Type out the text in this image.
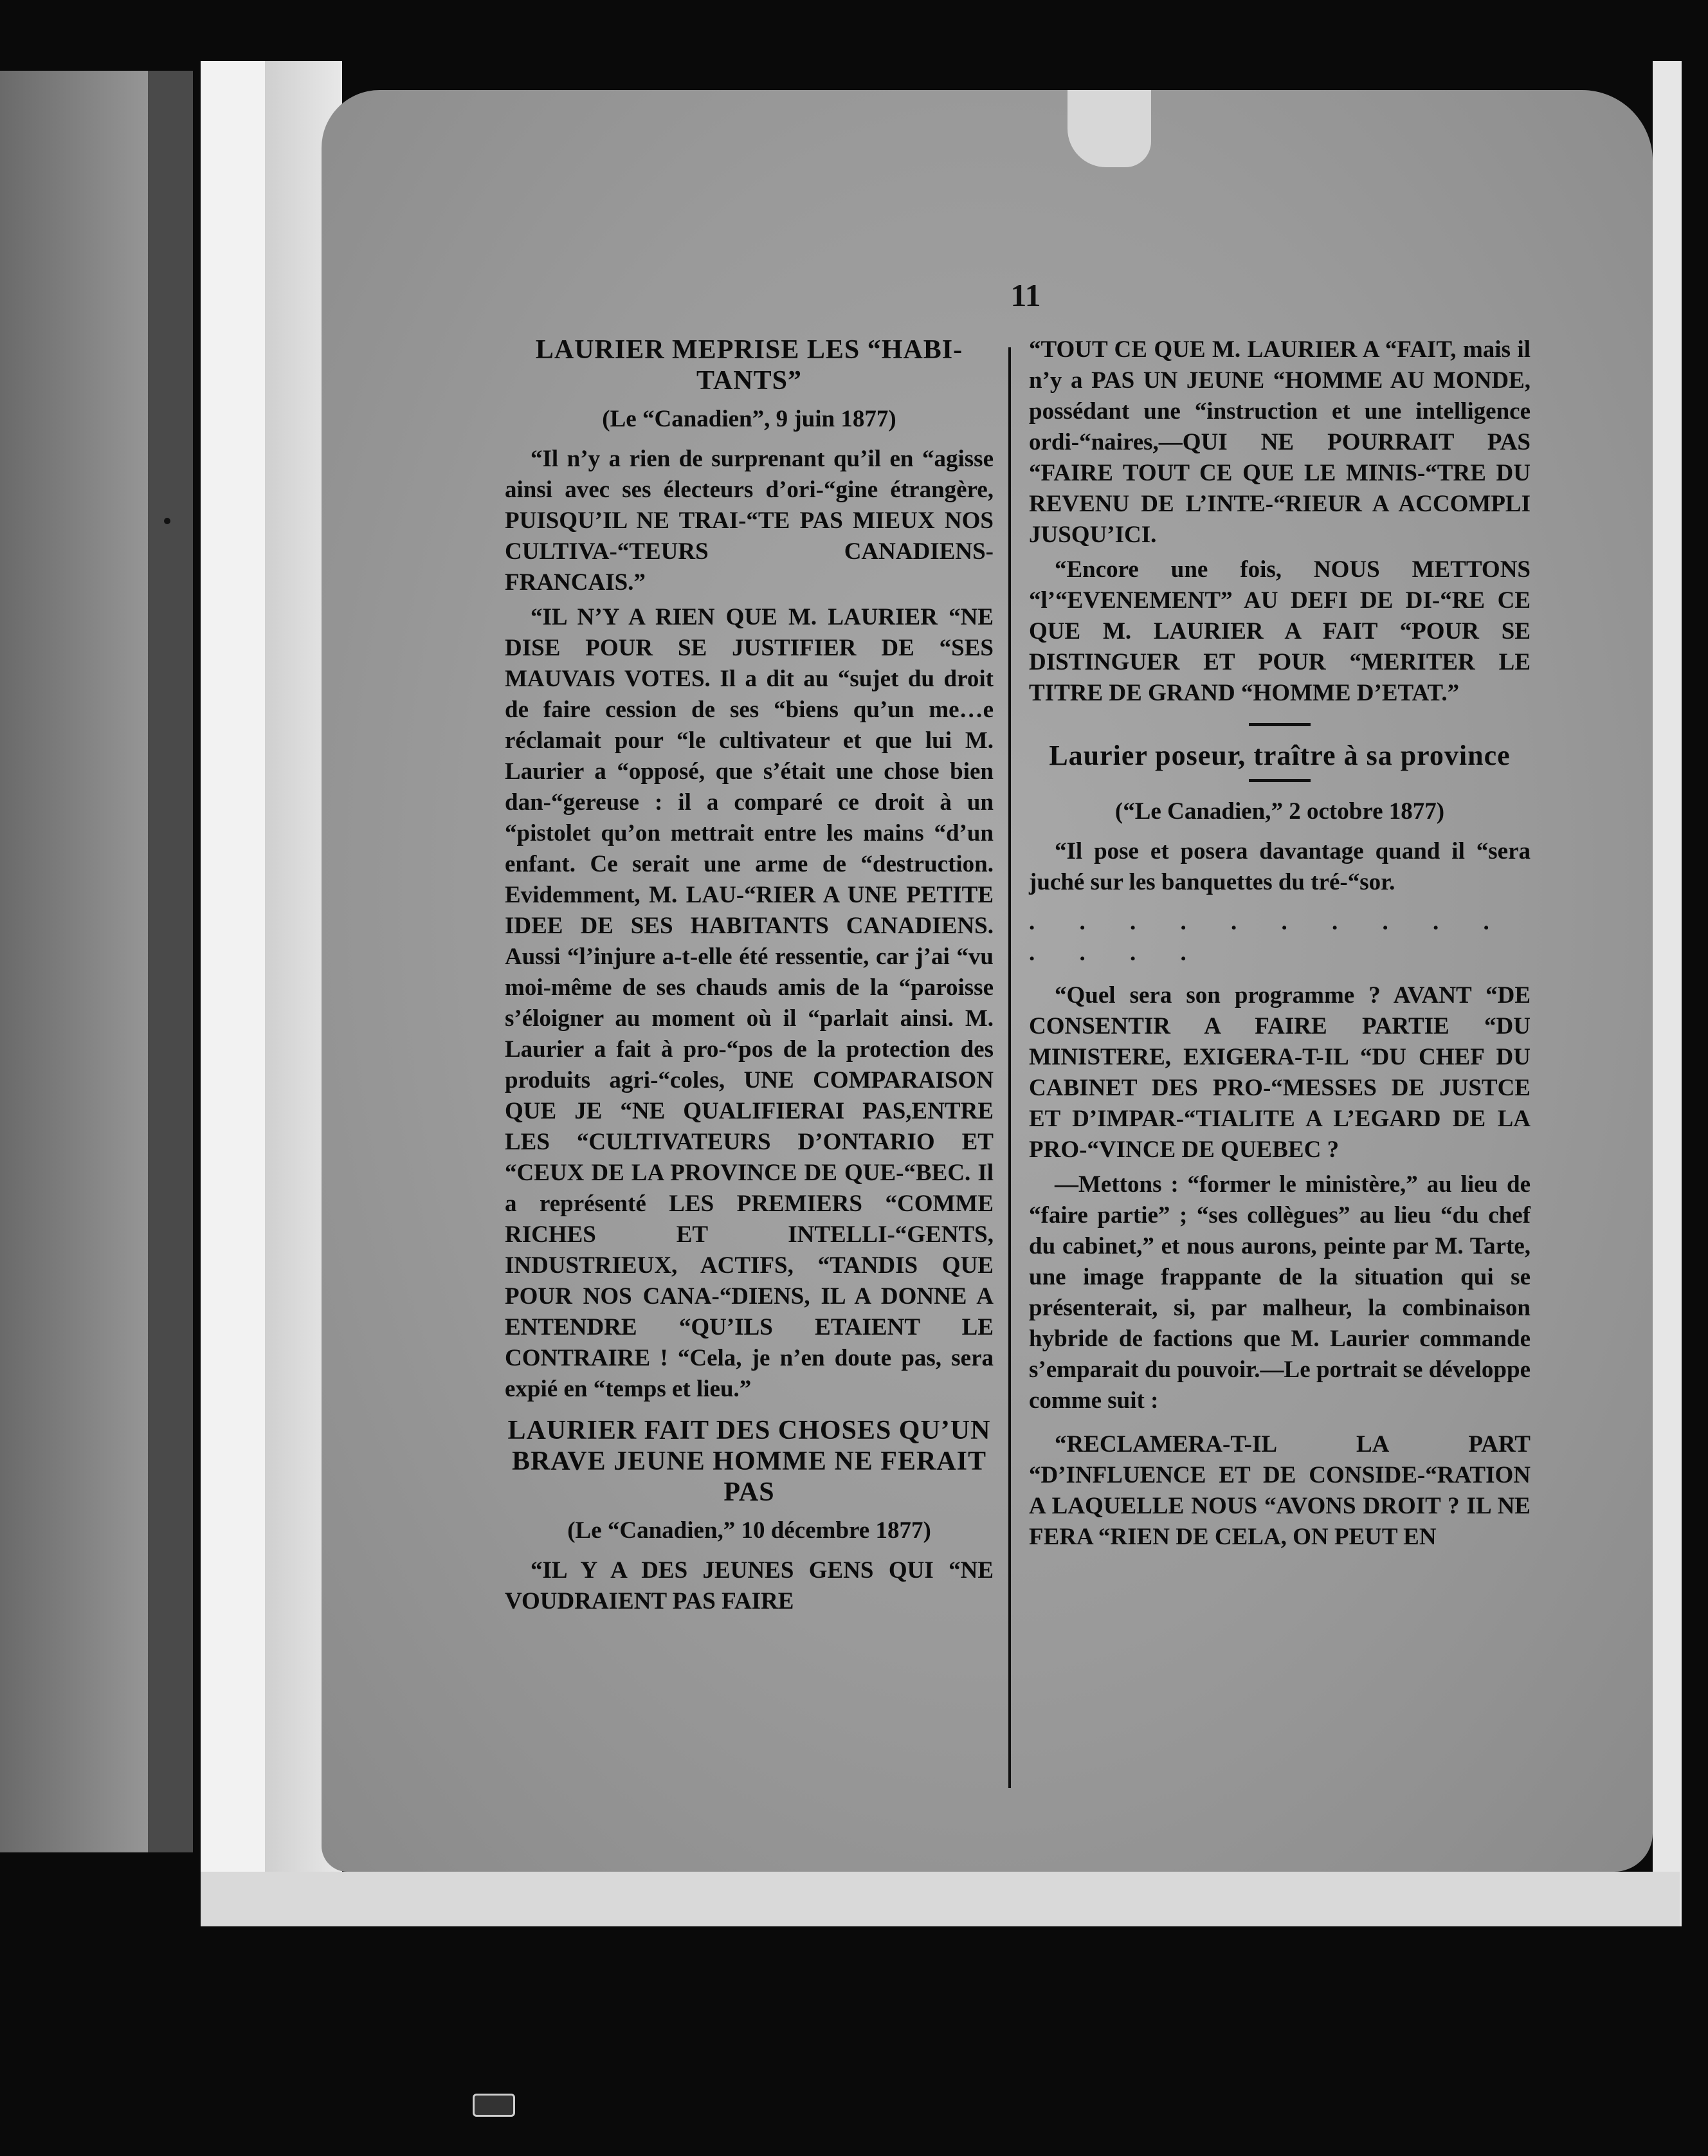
11
LAURIER MEPRISE LES “HABI-TANTS”
(Le “Canadien”, 9 juin 1877)
“Il n’y a rien de surprenant qu’il en “agisse ainsi avec ses électeurs d’ori-“gine étrangère, PUISQU’IL NE TRAI-“TE PAS MIEUX NOS CULTIVA-“TEURS CANADIENS-FRANCAIS.”
“IL N’Y A RIEN QUE M. LAURIER “NE DISE POUR SE JUSTIFIER DE “SES MAUVAIS VOTES. Il a dit au “sujet du droit de faire cession de ses “biens qu’un me…e réclamait pour “le cultivateur et que lui M. Laurier a “opposé, que s’était une chose bien dan-“gereuse : il a comparé ce droit à un “pistolet qu’on mettrait entre les mains “d’un enfant. Ce serait une arme de “destruction. Evidemment, M. LAU-“RIER A UNE PETITE IDEE DE SES HABITANTS CANADIENS. Aussi “l’injure a-t-elle été ressentie, car j’ai “vu moi-même de ses chauds amis de la “paroisse s’éloigner au moment où il “parlait ainsi. M. Laurier a fait à pro-“pos de la protection des produits agri-“coles, UNE COMPARAISON QUE JE “NE QUALIFIERAI PAS,ENTRE LES “CULTIVATEURS D’ONTARIO ET “CEUX DE LA PROVINCE DE QUE-“BEC. Il a représenté LES PREMIERS “COMME RICHES ET INTELLI-“GENTS, INDUSTRIEUX, ACTIFS, “TANDIS QUE POUR NOS CANA-“DIENS, IL A DONNE A ENTENDRE “QU’ILS ETAIENT LE CONTRAIRE ! “Cela, je n’en doute pas, sera expié en “temps et lieu.”
LAURIER FAIT DES CHOSES QU’UN BRAVE JEUNE HOMME NE FERAIT PAS
(Le “Canadien,” 10 décembre 1877)
“IL Y A DES JEUNES GENS QUI “NE VOUDRAIENT PAS FAIRE
“TOUT CE QUE M. LAURIER A “FAIT, mais il n’y a PAS UN JEUNE “HOMME AU MONDE, possédant une “instruction et une intelligence ordi-“naires,—QUI NE POURRAIT PAS “FAIRE TOUT CE QUE LE MINIS-“TRE DU REVENU DE L’INTE-“RIEUR A ACCOMPLI JUSQU’ICI.
“Encore une fois, NOUS METTONS “l’“EVENEMENT” AU DEFI DE DI-“RE CE QUE M. LAURIER A FAIT “POUR SE DISTINGUER ET POUR “MERITER LE TITRE DE GRAND “HOMME D’ETAT.”
Laurier poseur, traître à sa province
(“Le Canadien,” 2 octobre 1877)
“Il pose et posera davantage quand il “sera juché sur les banquettes du tré-“sor.
. . . . . . . . . . . . . .
“Quel sera son programme ? AVANT “DE CONSENTIR A FAIRE PARTIE “DU MINISTERE, EXIGERA-T-IL “DU CHEF DU CABINET DES PRO-“MESSES DE JUSTCE ET D’IMPAR-“TIALITE A L’EGARD DE LA PRO-“VINCE DE QUEBEC ?
—Mettons : “former le ministère,” au lieu de “faire partie” ; “ses collègues” au lieu “du chef du cabinet,” et nous aurons, peinte par M. Tarte, une image frappante de la situation qui se présenterait, si, par malheur, la combinaison hybride de factions que M. Laurier commande s’emparait du pouvoir.—Le portrait se développe comme suit :
“RECLAMERA-T-IL LA PART “D’INFLUENCE ET DE CONSIDE-“RATION A LAQUELLE NOUS “AVONS DROIT ? IL NE FERA “RIEN DE CELA, ON PEUT EN
